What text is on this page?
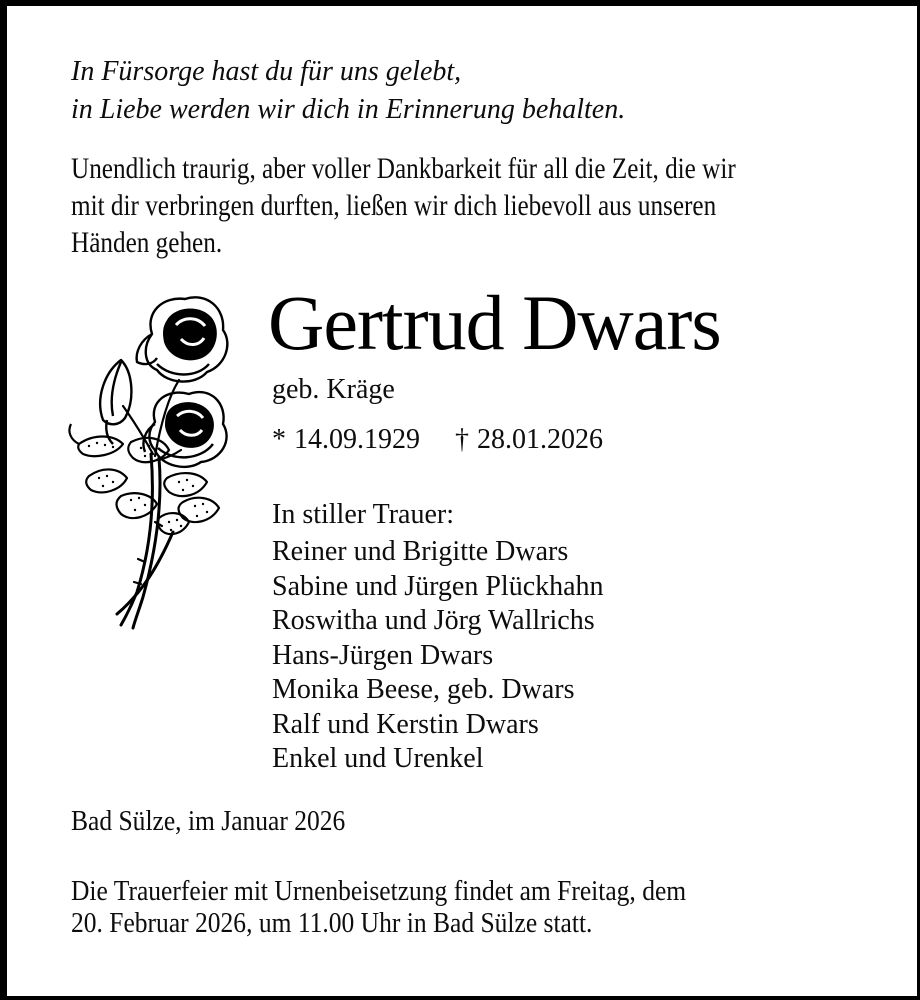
In Fürsorge hast du für uns gelebt,
in Liebe werden wir dich in Erinnerung behalten.
Unendlich traurig, aber voller Dankbarkeit für all die Zeit, die wir
mit dir verbringen durften, ließen wir dich liebevoll aus unseren
Händen gehen.
Gertrud Dwars
geb. Kräge
* 14.09.1929 † 28.01.2026
In stiller Trauer:
Reiner und Brigitte Dwars
Sabine und Jürgen Plückhahn
Roswitha und Jörg Wallrichs
Hans-Jürgen Dwars
Monika Beese, geb. Dwars
Ralf und Kerstin Dwars
Enkel und Urenkel
Bad Sülze, im Januar 2026
Die Trauerfeier mit Urnenbeisetzung findet am Freitag, dem
20. Februar 2026, um 11.00 Uhr in Bad Sülze statt.
